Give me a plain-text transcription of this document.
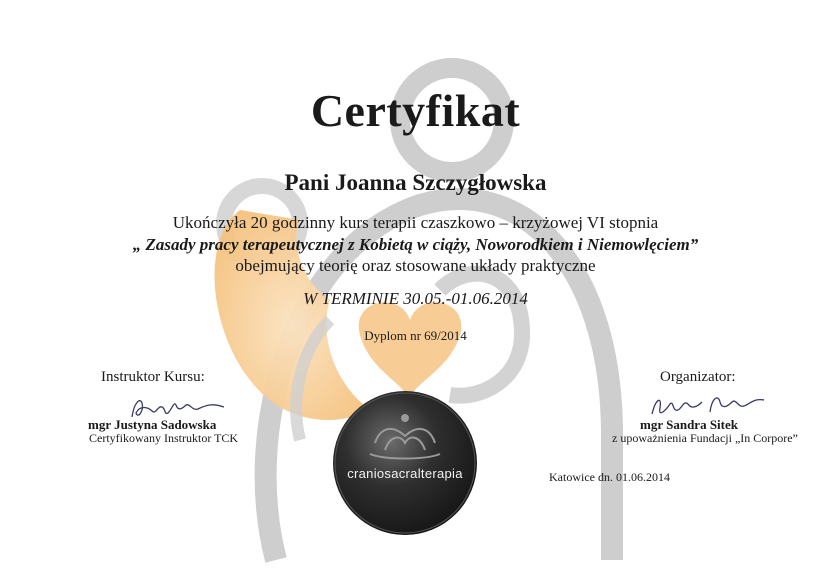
Certyfikat
Pani Joanna Szczygłowska
Ukończyła 20 godzinny kurs terapii czaszkowo – krzyżowej VI stopnia
„ Zasady pracy terapeutycznej z Kobietą w ciąży, Noworodkiem i Niemowlęciem”
obejmujący teorię oraz stosowane układy praktyczne
W TERMINIE 30.05.-01.06.2014
Dyplom nr 69/2014
Instruktor Kursu:
mgr Justyna Sadowska
Certyfikowany Instruktor TCK
Organizator:
mgr Sandra Sitek
z upoważnienia Fundacji „In Corpore”
Katowice dn. 01.06.2014
craniosacralterapia
